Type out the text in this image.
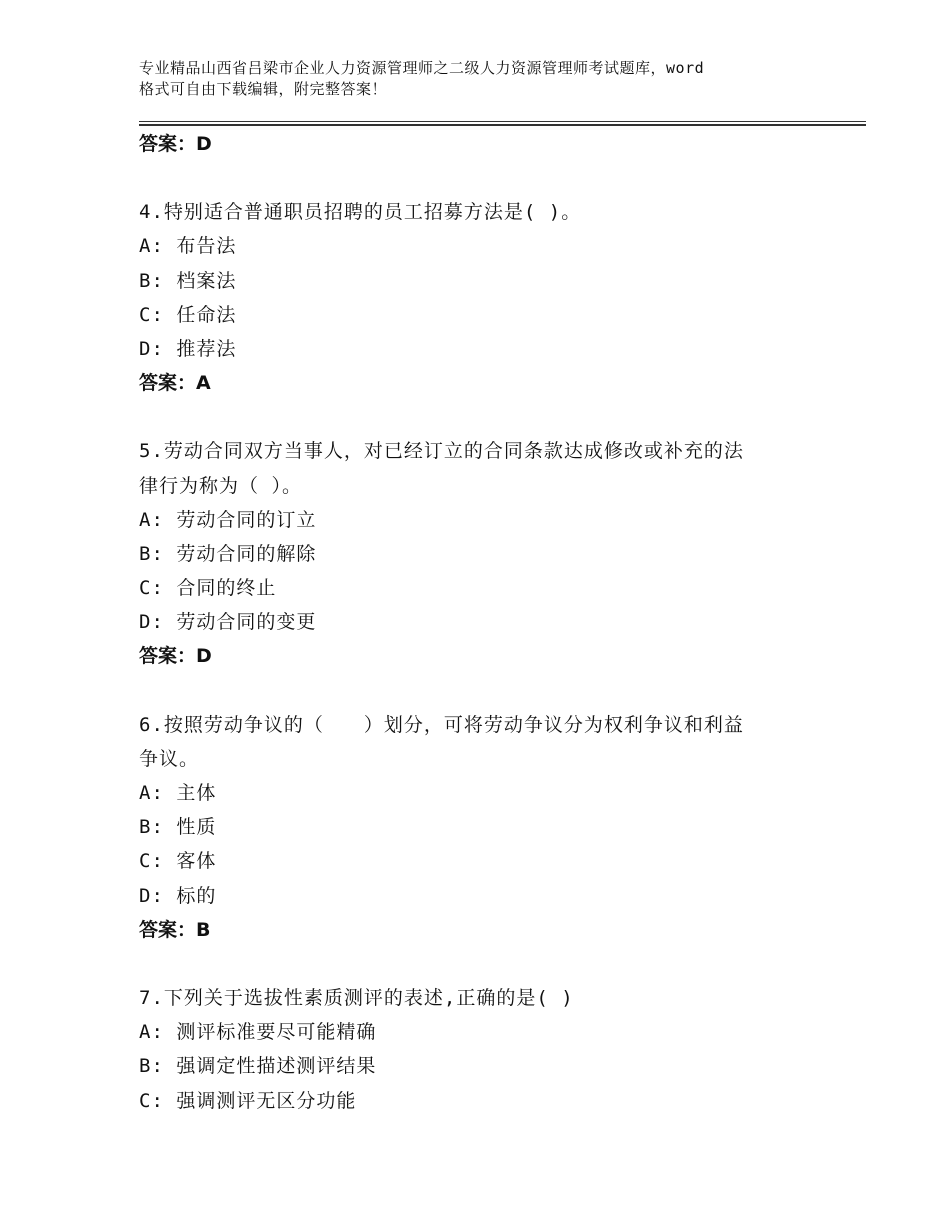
专业精品山西省吕梁市企业人力资源管理师之二级人力资源管理师考试题库，word
格式可自由下载编辑，附完整答案！
答案：D
4.特别适合普通职员招聘的员工招募方法是( )。
A: 布告法
B: 档案法
C: 任命法
D: 推荐法
答案：A
5.劳动合同双方当事人，对已经订立的合同条款达成修改或补充的法
律行为称为（ ）。
A: 劳动合同的订立
B: 劳动合同的解除
C: 合同的终止
D: 劳动合同的变更
答案：D
6.按照劳动争议的（　　）划分，可将劳动争议分为权利争议和利益
争议。
A: 主体
B: 性质
C: 客体
D: 标的
答案：B
7.下列关于选拔性素质测评的表述,正确的是( )
A: 测评标准要尽可能精确
B: 强调定性描述测评结果
C: 强调测评无区分功能
